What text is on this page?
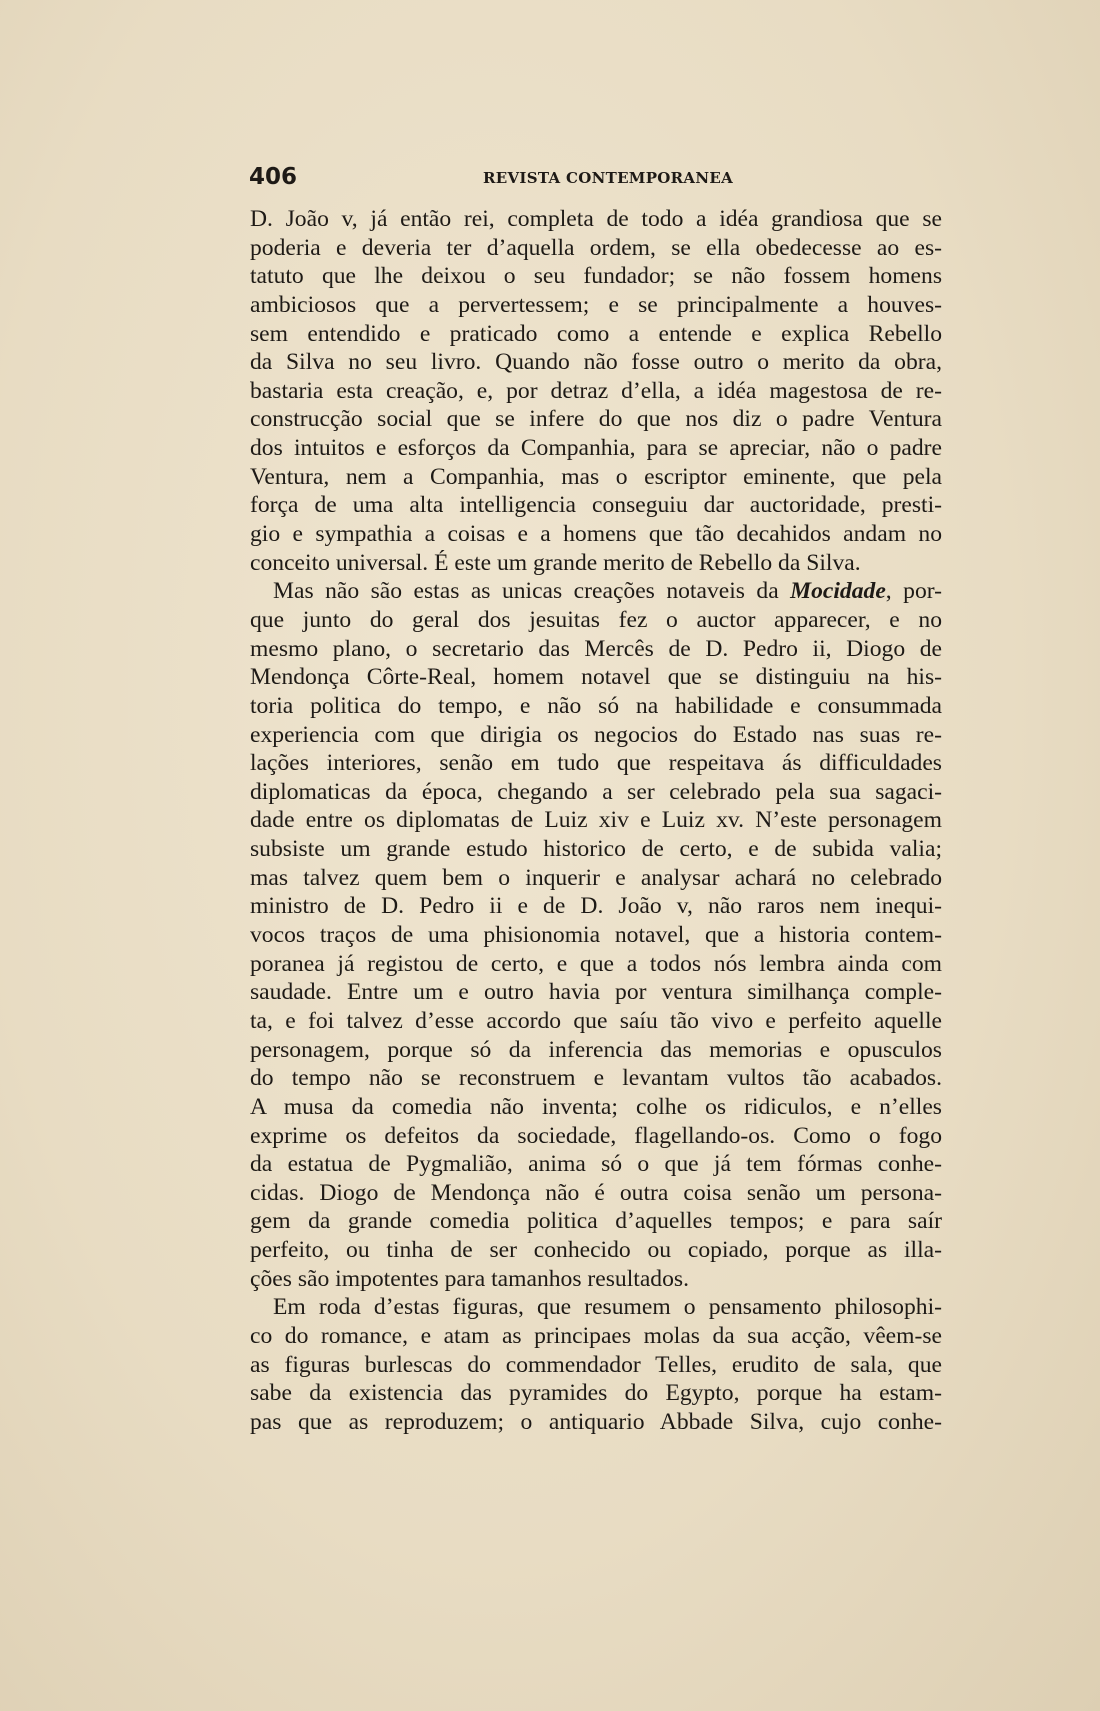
406	REVISTA CONTEMPORANEA
D. João v, já então rei, completa de todo a idéa grandiosa que se
poderia e deveria ter d’aquella ordem, se ella obedecesse ao es-
tatuto que lhe deixou o seu fundador; se não fossem homens
ambiciosos que a pervertessem; e se principalmente a houves-
sem entendido e praticado como a entende e explica Rebello
da Silva no seu livro. Quando não fosse outro o merito da obra,
bastaria esta creação, e, por detraz d’ella, a idéa magestosa de re-
construcção social que se infere do que nos diz o padre Ventura
dos intuitos e esforços da Companhia, para se apreciar, não o padre
Ventura, nem a Companhia, mas o escriptor eminente, que pela
força de uma alta intelligencia conseguiu dar auctoridade, presti-
gio e sympathia a coisas e a homens que tão decahidos andam no
conceito universal. É este um grande merito de Rebello da Silva.
Mas não são estas as unicas creações notaveis da Mocidade, por-
que junto do geral dos jesuitas fez o auctor apparecer, e no
mesmo plano, o secretario das Mercês de D. Pedro ii, Diogo de
Mendonça Côrte-Real, homem notavel que se distinguiu na his-
toria politica do tempo, e não só na habilidade e consummada
experiencia com que dirigia os negocios do Estado nas suas re-
lações interiores, senão em tudo que respeitava ás difficuldades
diplomaticas da época, chegando a ser celebrado pela sua sagaci-
dade entre os diplomatas de Luiz xiv e Luiz xv. N’este personagem
subsiste um grande estudo historico de certo, e de subida valia;
mas talvez quem bem o inquerir e analysar achará no celebrado
ministro de D. Pedro ii e de D. João v, não raros nem inequi-
vocos traços de uma phisionomia notavel, que a historia contem-
poranea já registou de certo, e que a todos nós lembra ainda com
saudade. Entre um e outro havia por ventura similhança comple-
ta, e foi talvez d’esse accordo que saíu tão vivo e perfeito aquelle
personagem, porque só da inferencia das memorias e opusculos
do tempo não se reconstruem e levantam vultos tão acabados.
A musa da comedia não inventa; colhe os ridiculos, e n’elles
exprime os defeitos da sociedade, flagellando-os. Como o fogo
da estatua de Pygmalião, anima só o que já tem fórmas conhe-
cidas. Diogo de Mendonça não é outra coisa senão um persona-
gem da grande comedia politica d’aquelles tempos; e para saír
perfeito, ou tinha de ser conhecido ou copiado, porque as illa-
ções são impotentes para tamanhos resultados.
Em roda d’estas figuras, que resumem o pensamento philosophi-
co do romance, e atam as principaes molas da sua acção, vêem-se
as figuras burlescas do commendador Telles, erudito de sala, que
sabe da existencia das pyramides do Egypto, porque ha estam-
pas que as reproduzem; o antiquario Abbade Silva, cujo conhe-
